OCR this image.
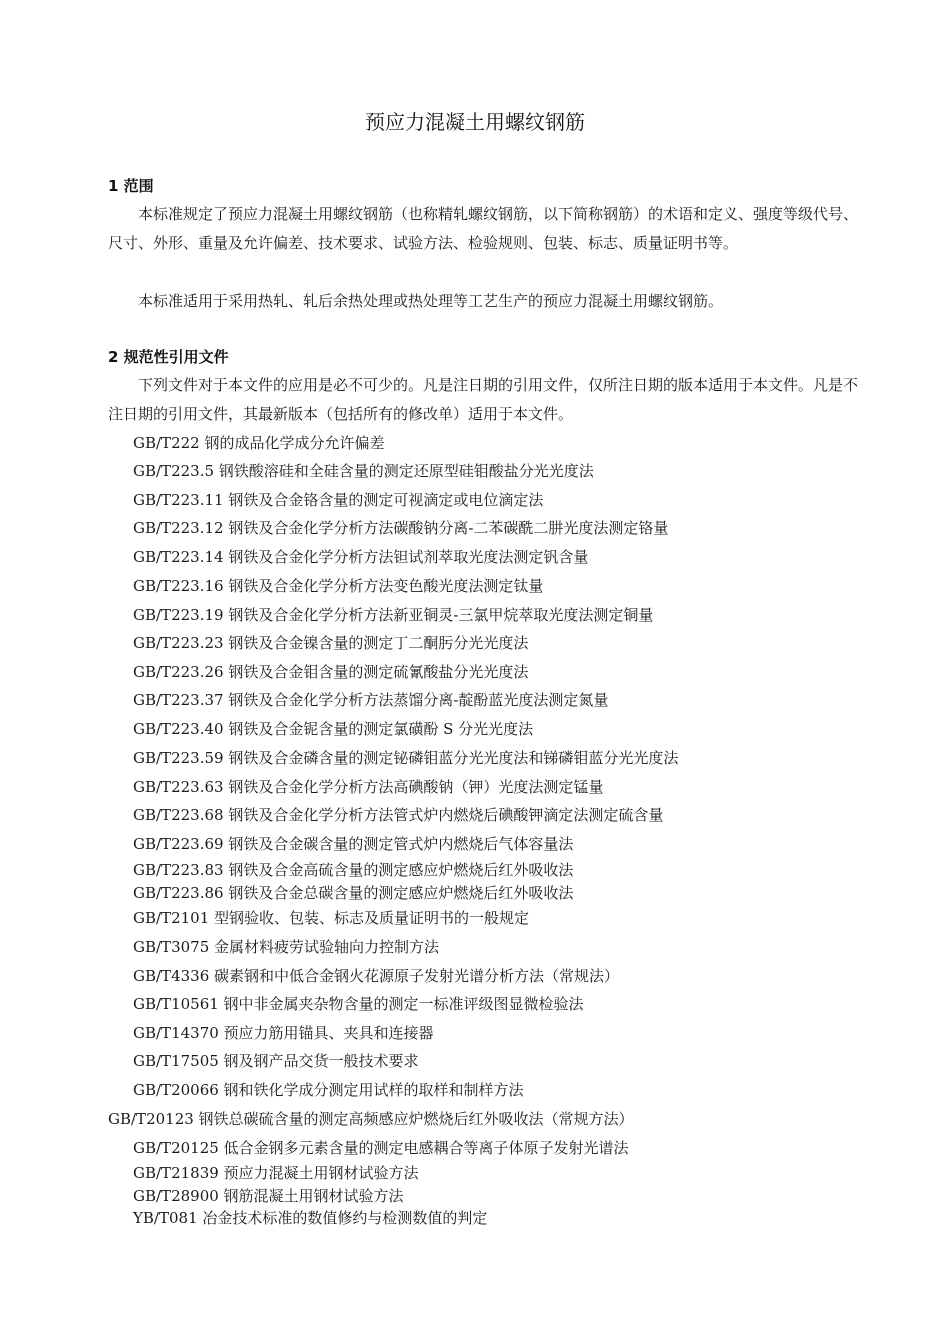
预应力混凝土用螺纹钢筋
1 范围
本标准规定了预应力混凝土用螺纹钢筋（也称精轧螺纹钢筋，以下简称钢筋）的术语和定义、强度等级代号、尺寸、外形、重量及允许偏差、技术要求、试验方法、检验规则、包装、标志、质量证明书等。
本标准适用于采用热轧、轧后余热处理或热处理等工艺生产的预应力混凝土用螺纹钢筋。
2 规范性引用文件
下列文件对于本文件的应用是必不可少的。凡是注日期的引用文件，仅所注日期的版本适用于本文件。凡是不注日期的引用文件，其最新版本（包括所有的修改单）适用于本文件。
GB/T222 钢的成品化学成分允许偏差
GB/T223.5 钢铁酸溶硅和全硅含量的测定还原型硅钼酸盐分光光度法
GB/T223.11 钢铁及合金铬含量的测定可视滴定或电位滴定法
GB/T223.12 钢铁及合金化学分析方法碳酸钠分离-二苯碳酰二肼光度法测定铬量
GB/T223.14 钢铁及合金化学分析方法钽试剂萃取光度法测定钒含量
GB/T223.16 钢铁及合金化学分析方法变色酸光度法测定钛量
GB/T223.19 钢铁及合金化学分析方法新亚铜灵-三氯甲烷萃取光度法测定铜量
GB/T223.23 钢铁及合金镍含量的测定丁二酮肟分光光度法
GB/T223.26 钢铁及合金钼含量的测定硫氰酸盐分光光度法
GB/T223.37 钢铁及合金化学分析方法蒸馏分离-靛酚蓝光度法测定氮量
GB/T223.40 钢铁及合金铌含量的测定氯磺酚 S 分光光度法
GB/T223.59 钢铁及合金磷含量的测定铋磷钼蓝分光光度法和锑磷钼蓝分光光度法
GB/T223.63 钢铁及合金化学分析方法高碘酸钠（钾）光度法测定锰量
GB/T223.68 钢铁及合金化学分析方法管式炉内燃烧后碘酸钾滴定法测定硫含量
GB/T223.69 钢铁及合金碳含量的测定管式炉内燃烧后气体容量法
GB/T223.83 钢铁及合金高硫含量的测定感应炉燃烧后红外吸收法
GB/T223.86 钢铁及合金总碳含量的测定感应炉燃烧后红外吸收法
GB/T2101 型钢验收、包装、标志及质量证明书的一般规定
GB/T3075 金属材料疲劳试验轴向力控制方法
GB/T4336 碳素钢和中低合金钢火花源原子发射光谱分析方法（常规法）
GB/T10561 钢中非金属夹杂物含量的测定一标准评级图显微检验法
GB/T14370 预应力筋用锚具、夹具和连接器
GB/T17505 钢及钢产品交货一般技术要求
GB/T20066 钢和铁化学成分测定用试样的取样和制样方法
GB/T20123 钢铁总碳硫含量的测定高频感应炉燃烧后红外吸收法（常规方法）
GB/T20125 低合金钢多元素含量的测定电感耦合等离子体原子发射光谱法
GB/T21839 预应力混凝土用钢材试验方法
GB/T28900 钢筋混凝土用钢材试验方法
YB/T081 冶金技术标准的数值修约与检测数值的判定
